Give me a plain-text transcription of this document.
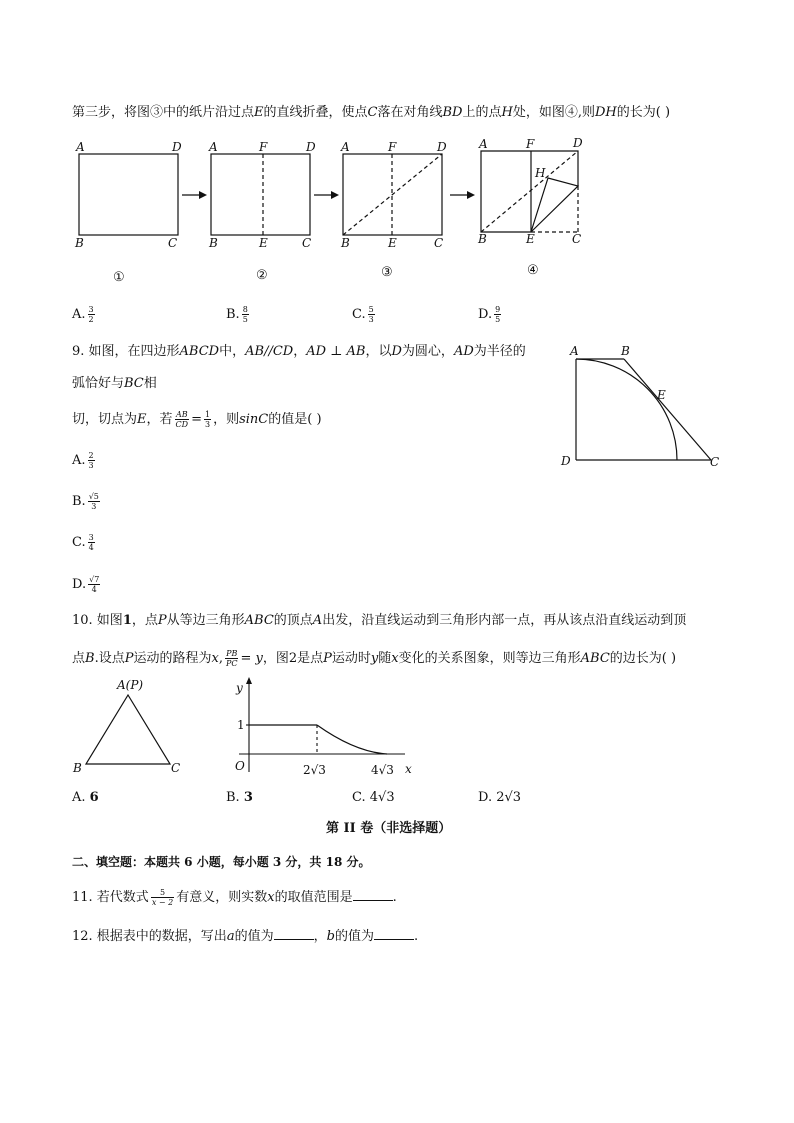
第三步，将图③中的纸片沿过点E的直线折叠，使点C落在对角线BD上的点H处，如图④,则DH的长为( )
A	D
B	C
A	F	D
B	E	C
A	F	D
B	E	C
A	F	D
H
B	E	C
①	②	③	④
A. $\frac{3}{2}$	B. $\frac{8}{5}$	C. $\frac{5}{3}$	D. $\frac{9}{5}$
9. 如图，在四边形ABCD中，AB//CD，AD ⊥ AB，以D为圆心，AD为半径的
弧恰好与BC相
切，切点为E，若 $\frac{AB}{CD} = \frac{1}{3}$ ，则sinC的值是( )
A	B
E
D	C
A. $\frac{2}{3}$
B. $\frac{√5}{3}$
C. $\frac{3}{4}$
D. $\frac{√7}{4}$
10. 如图1，点P从等边三角形ABC的顶点A出发，沿直线运动到三角形内部一点，再从该点沿直线运动到顶
点B.设点P运动的路程为x, $\frac{PB}{PC} = y$，图2是点P运动时y随x变化的关系图象，则等边三角形ABC的边长为( )
A(P)
B	C
y
1
O	2√3	4√3 x
A. 6	B. 3	C. 4√3	D. 2√3
第 II 卷（非选择题）
二、填空题：本题共 6 小题，每小题 3 分，共 18 分。
11. 若代数式 $\frac{5}{x - 2}$ 有意义，则实数x的取值范围是	.
12. 根据表中的数据，写出a的值为	，b的值为	.
